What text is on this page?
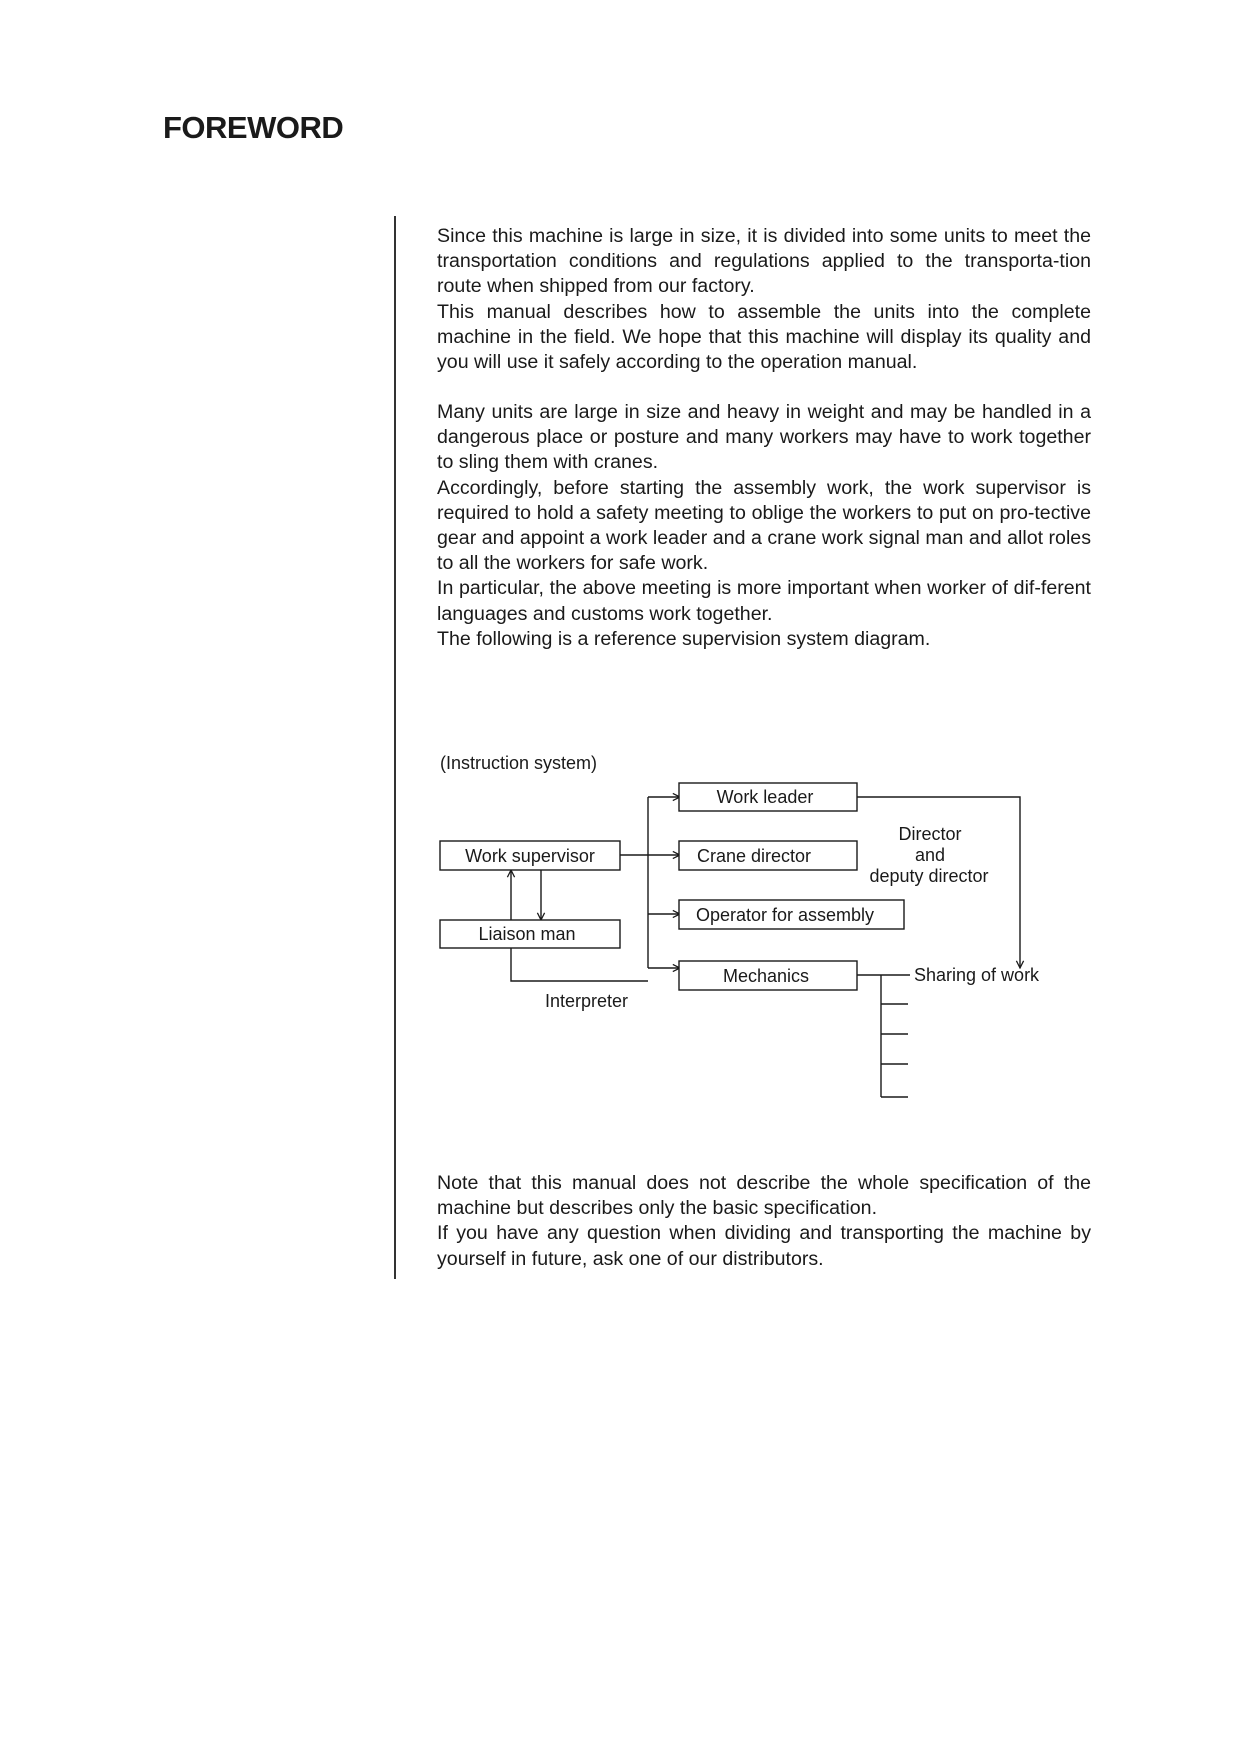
FOREWORD

Since this machine is large in size, it is divided into some units to meet the transportation conditions and regulations applied to the transporta-tion route when shipped from our factory.

This manual describes how to assemble the units into the complete machine in the field. We hope that this machine will display its quality and you will use it safely according to the operation manual.

Many units are large in size and heavy in weight and may be handled in a dangerous place or posture and many workers may have to work together to sling them with cranes.

Accordingly, before starting the assembly work, the work supervisor is required to hold a safety meeting to oblige the workers to put on pro-tective gear and appoint a work leader and a crane work signal man and allot roles to all the workers for safe work.

In particular, the above meeting is more important when worker of dif-ferent languages and customs work together.

The following is a reference supervision system diagram.

(Instruction system)
Work supervisor
Liaison man
Work leader
Crane director
Operator for assembly
Mechanics
Director
and
deputy director
Sharing of work
Interpreter

Note that this manual does not describe the whole specification of the machine but describes only the basic specification.

If you have any question when dividing and transporting the machine by yourself in future, ask one of our distributors.
